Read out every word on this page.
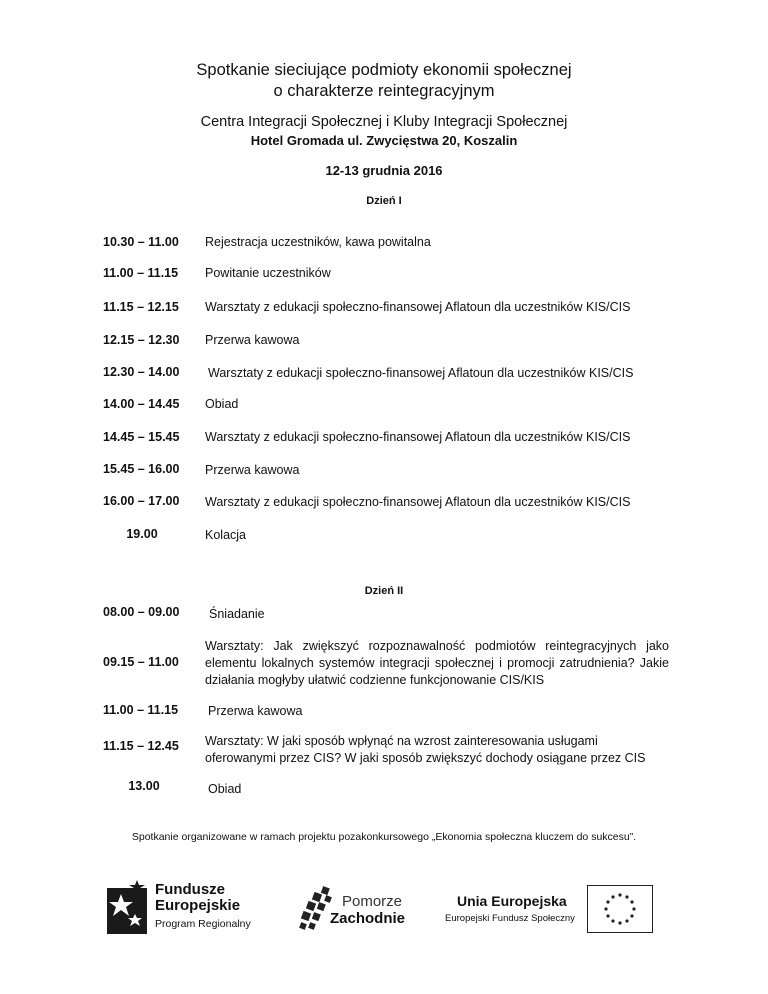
Spotkanie sieciujące podmioty ekonomii społecznej
o charakterze reintegracyjnym
Centra Integracji Społecznej i Kluby Integracji Społecznej
Hotel Gromada ul. Zwycięstwa 20, Koszalin
12-13 grudnia 2016
Dzień I
10.30 – 11.00 Rejestracja uczestników, kawa powitalna
11.00 – 11.15 Powitanie uczestników
11.15 – 12.15 Warsztaty z edukacji społeczno-finansowej Aflatoun dla uczestników KIS/CIS
12.15 – 12.30 Przerwa kawowa
12.30 – 14.00 Warsztaty z edukacji społeczno-finansowej Aflatoun dla uczestników KIS/CIS
14.00 – 14.45 Obiad
14.45 – 15.45 Warsztaty z edukacji społeczno-finansowej Aflatoun dla uczestników KIS/CIS
15.45 – 16.00 Przerwa kawowa
16.00 – 17.00 Warsztaty z edukacji społeczno-finansowej Aflatoun dla uczestników KIS/CIS
19.00	Kolacja
Dzień II
08.00 – 09.00 Śniadanie
09.15 – 11.00
Warsztaty: Jak zwiększyć rozpoznawalność podmiotów reintegracyjnych jako elementu lokalnych systemów integracji społecznej i promocji zatrudnienia? Jakie działania mogłyby ułatwić codzienne funkcjonowanie CIS/KIS
11.00 – 11.15 Przerwa kawowa
11.15 – 12.45 Warsztaty: W jaki sposób wpłynąć na wzrost zainteresowania usługami
oferowanymi przez CIS? W jaki sposób zwiększyć dochody osiągane przez CIS
13.00	Obiad
Spotkanie organizowane w ramach projektu pozakonkursowego „Ekonomia społeczna kluczem do sukcesu”.
Fundusze
Europejskie
Program Regionalny
Pomorze
Zachodnie
Unia Europejska
Europejski Fundusz Społeczny
